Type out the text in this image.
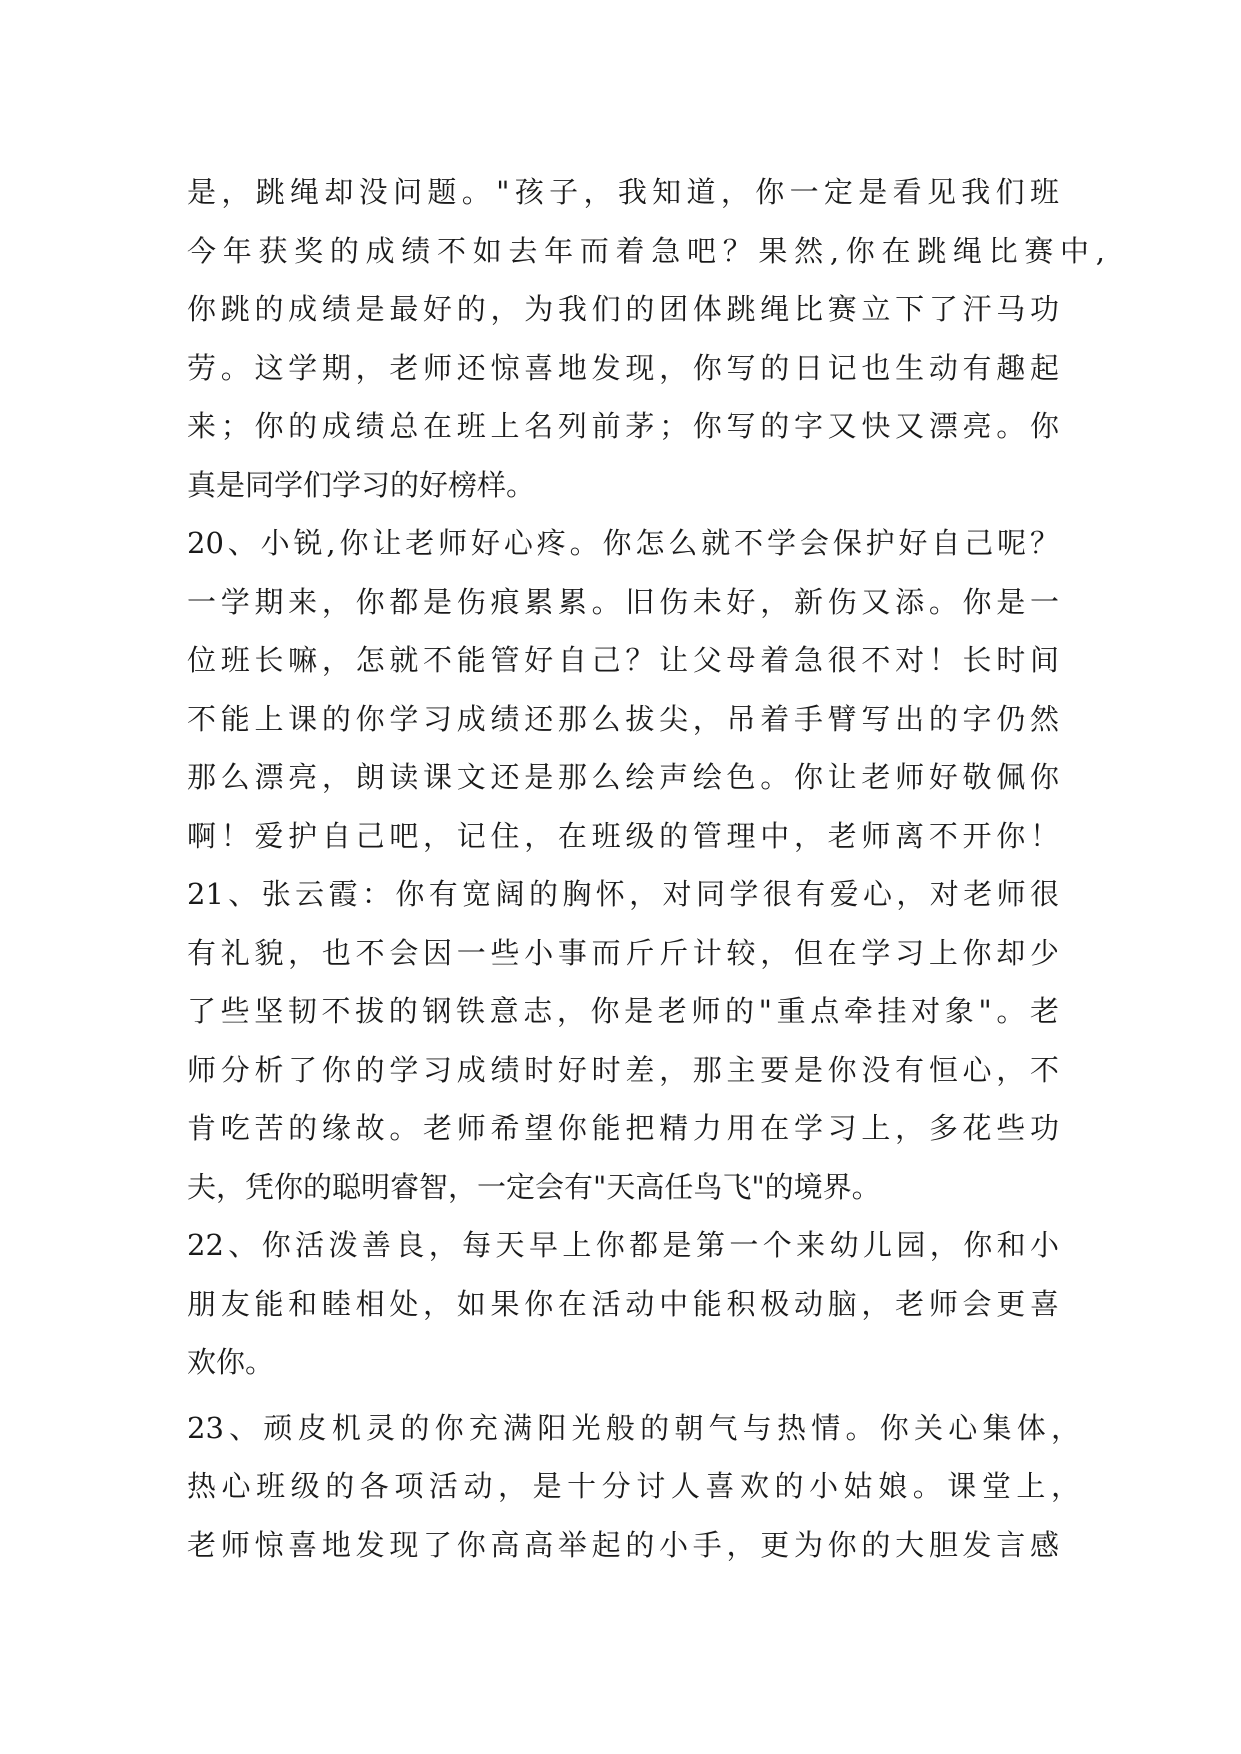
是，跳绳却没问题。"孩子，我知道，你一定是看见我们班
今年获奖的成绩不如去年而着急吧？果然,你在跳绳比赛中,
你跳的成绩是最好的，为我们的团体跳绳比赛立下了汗马功
劳。这学期，老师还惊喜地发现，你写的日记也生动有趣起
来；你的成绩总在班上名列前茅；你写的字又快又漂亮。你
真是同学们学习的好榜样。
20、小锐,你让老师好心疼。你怎么就不学会保护好自己呢？
一学期来，你都是伤痕累累。旧伤未好，新伤又添。你是一
位班长嘛，怎就不能管好自己？让父母着急很不对！长时间
不能上课的你学习成绩还那么拔尖，吊着手臂写出的字仍然
那么漂亮，朗读课文还是那么绘声绘色。你让老师好敬佩你
啊！爱护自己吧，记住，在班级的管理中，老师离不开你！
21、张云霞：你有宽阔的胸怀，对同学很有爱心，对老师很
有礼貌，也不会因一些小事而斤斤计较，但在学习上你却少
了些坚韧不拔的钢铁意志，你是老师的"重点牵挂对象"。老
师分析了你的学习成绩时好时差，那主要是你没有恒心，不
肯吃苦的缘故。老师希望你能把精力用在学习上，多花些功
夫，凭你的聪明睿智，一定会有"天高任鸟飞"的境界。
22、你活泼善良，每天早上你都是第一个来幼儿园，你和小
朋友能和睦相处，如果你在活动中能积极动脑，老师会更喜
欢你。
23、顽皮机灵的你充满阳光般的朝气与热情。你关心集体，
热心班级的各项活动，是十分讨人喜欢的小姑娘。课堂上，
老师惊喜地发现了你高高举起的小手，更为你的大胆发言感
